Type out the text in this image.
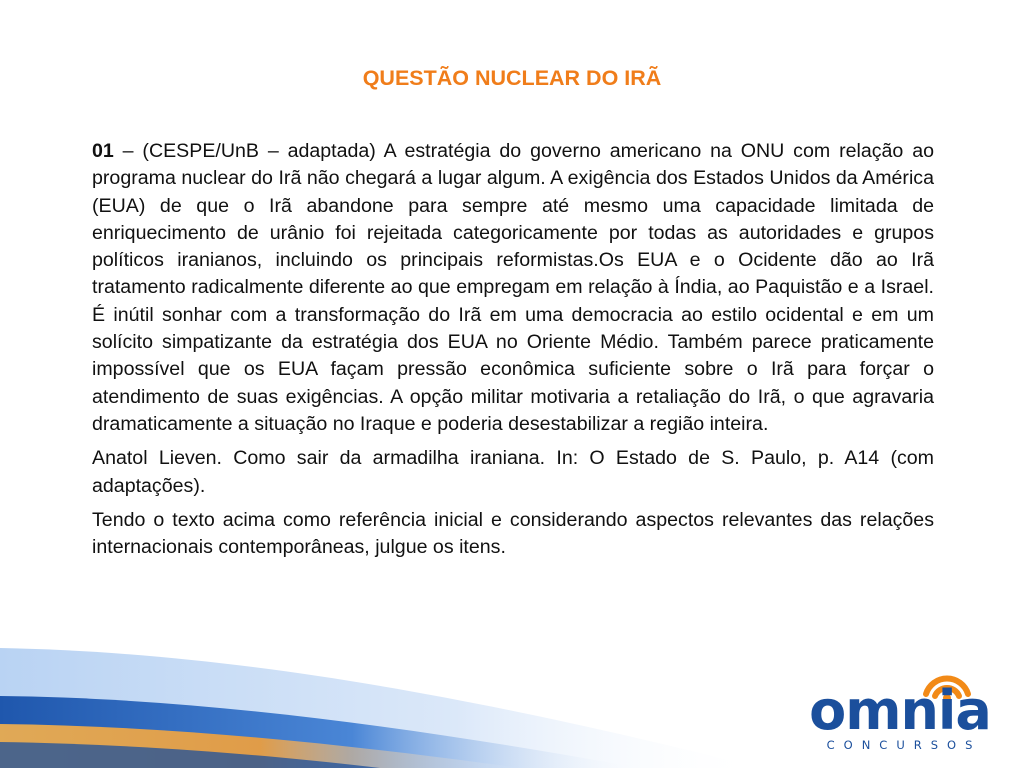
QUESTÃO NUCLEAR DO IRÃ

01 – (CESPE/UnB – adaptada) A estratégia do governo americano na ONU com relação ao programa nuclear do Irã não chegará a lugar algum. A exigência dos Estados Unidos da América (EUA) de que o Irã abandone para sempre até mesmo uma capacidade limitada de enriquecimento de urânio foi rejeitada categoricamente por todas as autoridades e grupos políticos iranianos, incluindo os principais reformistas.Os EUA e o Ocidente dão ao Irã tratamento radicalmente diferente ao que empregam em relação à Índia, ao Paquistão e a Israel. É inútil sonhar com a transformação do Irã em uma democracia ao estilo ocidental e em um solícito simpatizante da estratégia dos EUA no Oriente Médio. Também parece praticamente impossível que os EUA façam pressão econômica suficiente sobre o Irã para forçar o atendimento de suas exigências. A opção militar motivaria a retaliação do Irã, o que agravaria dramaticamente a situação no Iraque e poderia desestabilizar a região inteira.

Anatol Lieven. Como sair da armadilha iraniana. In: O Estado de S. Paulo, p. A14 (com adaptações).

Tendo o texto acima como referência inicial e considerando aspectos relevantes das relações internacionais contemporâneas, julgue os itens.

omnia
CONCURSOS
